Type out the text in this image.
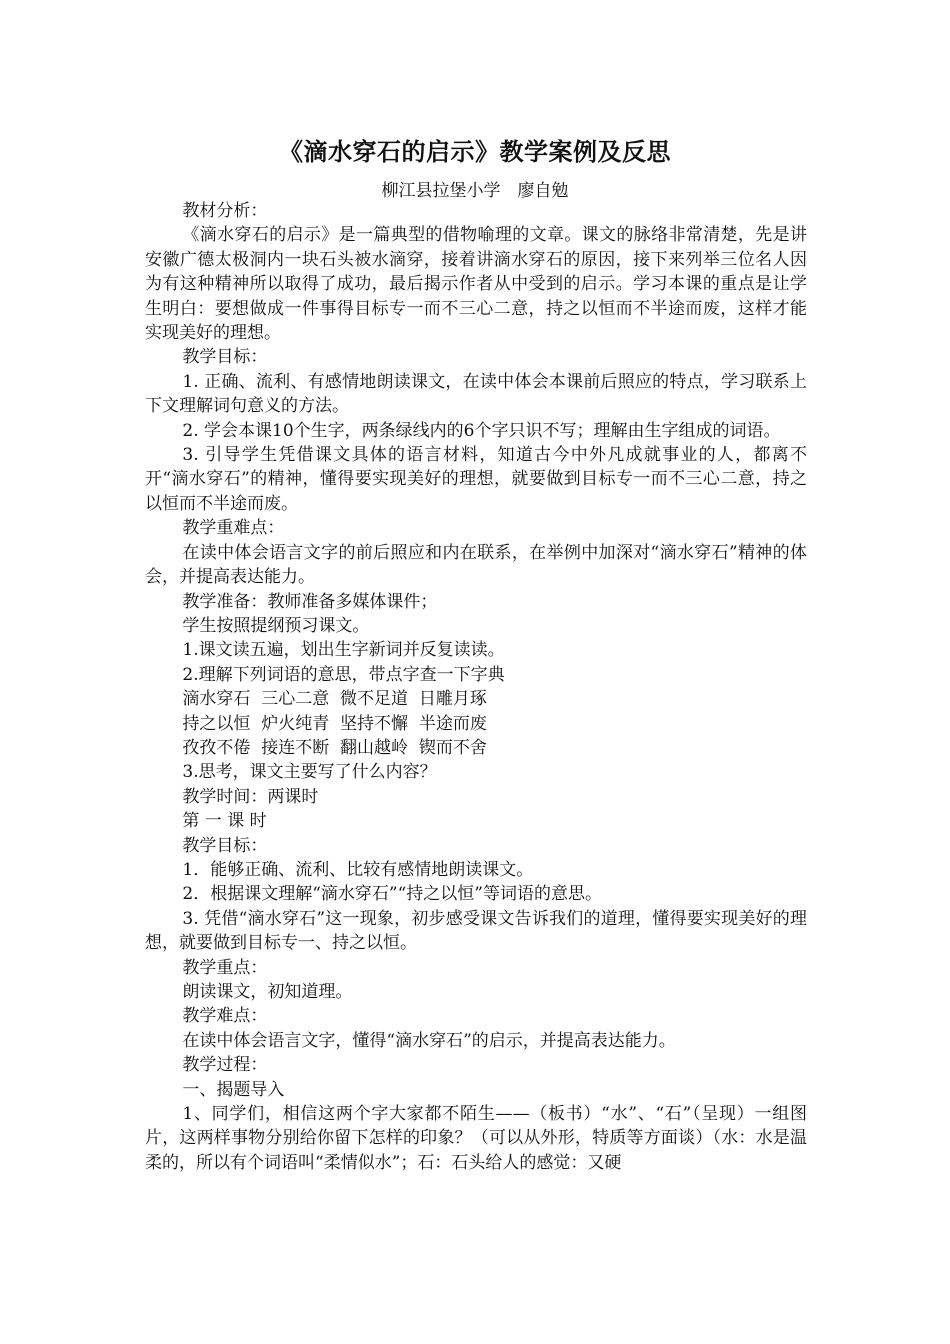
《滴水穿石的启示》教学案例及反思
柳江县拉堡小学　廖自勉

教材分析：

《滴水穿石的启示》是一篇典型的借物喻理的文章。课文的脉络非常清楚，先是讲安徽广德太极洞内一块石头被水滴穿，接着讲滴水穿石的原因，接下来列举三位名人因为有这种精神所以取得了成功，最后揭示作者从中受到的启示。学习本课的重点是让学生明白：要想做成一件事得目标专一而不三心二意，持之以恒而不半途而废，这样才能实现美好的理想。

教学目标：

1. 正确、流利、有感情地朗读课文，在读中体会本课前后照应的特点，学习联系上下文理解词句意义的方法。

2. 学会本课10个生字，两条绿线内的6个字只识不写；理解由生字组成的词语。

3. 引导学生凭借课文具体的语言材料，知道古今中外凡成就事业的人，都离不开“滴水穿石”的精神，懂得要实现美好的理想，就要做到目标专一而不三心二意，持之以恒而不半途而废。

教学重难点：

在读中体会语言文字的前后照应和内在联系，在举例中加深对“滴水穿石”精神的体会，并提高表达能力。

教学准备：教师准备多媒体课件；

学生按照提纲预习课文。

1.课文读五遍，划出生字新词并反复读读。

2.理解下列词语的意思，带点字查一下字典

滴水穿石  三心二意  微不足道  日雕月琢

持之以恒  炉火纯青  坚持不懈  半途而废

孜孜不倦  接连不断  翻山越岭  锲而不舍

3.思考，课文主要写了什么内容？

教学时间：两课时

第 一 课 时

教学目标：

1．能够正确、流利、比较有感情地朗读课文。

2．根据课文理解“滴水穿石”“持之以恒”等词语的意思。

3. 凭借“滴水穿石”这一现象，初步感受课文告诉我们的道理，懂得要实现美好的理想，就要做到目标专一、持之以恒。

教学重点：

朗读课文，初知道理。

教学难点：

在读中体会语言文字，懂得“滴水穿石”的启示，并提高表达能力。

教学过程：

一、揭题导入

1、同学们，相信这两个字大家都不陌生——（板书）“水”、“石”（呈现）一组图片，这两样事物分别给你留下怎样的印象？（可以从外形，特质等方面谈）（水：水是温柔的，所以有个词语叫“柔情似水”；石：石头给人的感觉：又硬
